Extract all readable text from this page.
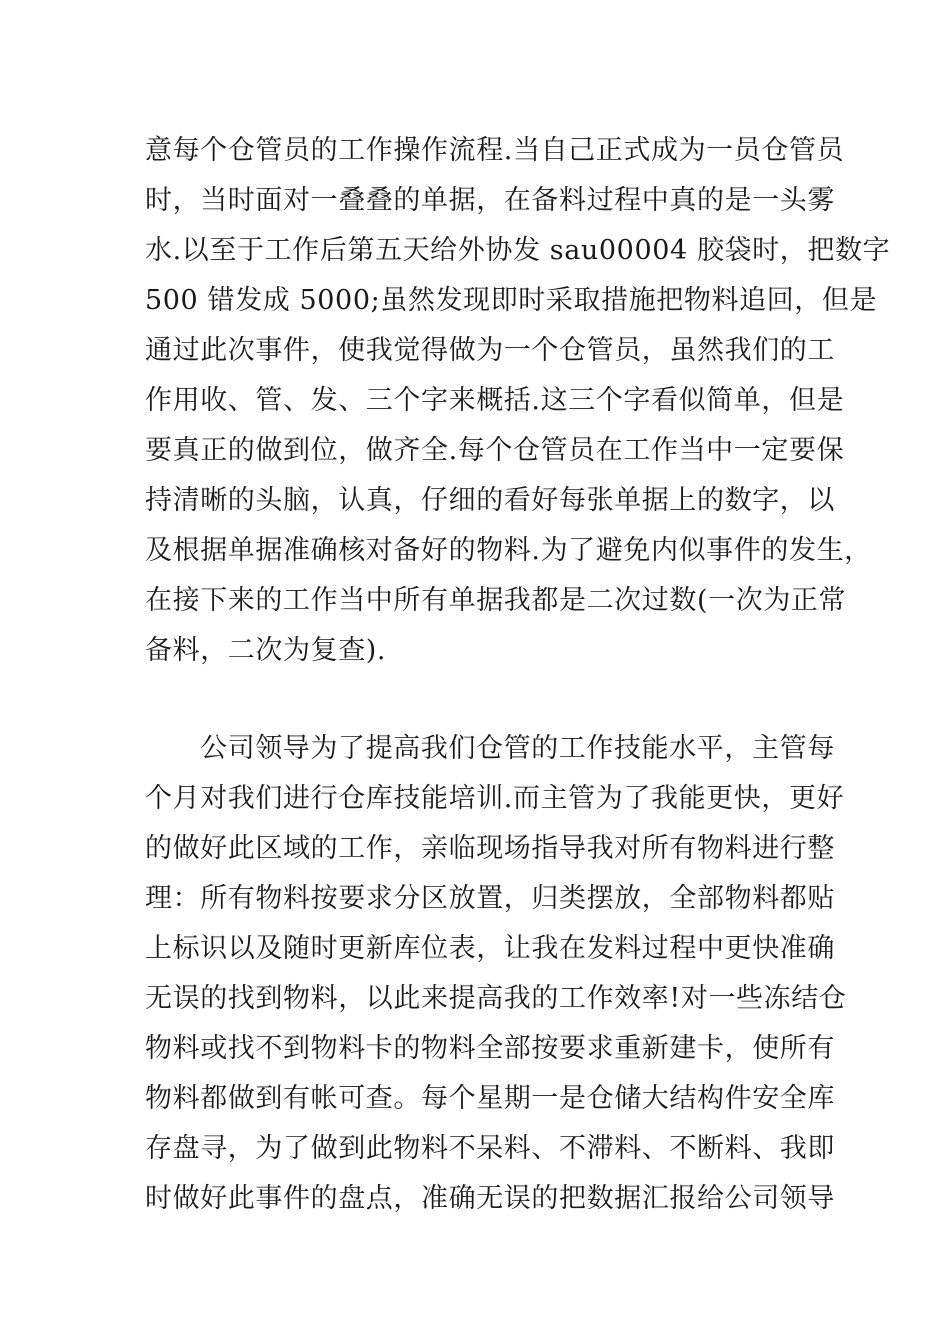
意每个仓管员的工作操作流程.当自己正式成为一员仓管员
时，当时面对一叠叠的单据，在备料过程中真的是一头雾
水.以至于工作后第五天给外协发 sau00004 胶袋时，把数字
500 错发成 5000;虽然发现即时采取措施把物料追回，但是
通过此次事件，使我觉得做为一个仓管员，虽然我们的工
作用收、管、发、三个字来概括.这三个字看似简单，但是
要真正的做到位，做齐全.每个仓管员在工作当中一定要保
持清晰的头脑，认真，仔细的看好每张单据上的数字，以
及根据单据准确核对备好的物料.为了避免内似事件的发生，
在接下来的工作当中所有单据我都是二次过数(一次为正常
备料，二次为复查).
公司领导为了提高我们仓管的工作技能水平，主管每
个月对我们进行仓库技能培训.而主管为了我能更快，更好
的做好此区域的工作，亲临现场指导我对所有物料进行整
理：所有物料按要求分区放置，归类摆放，全部物料都贴
上标识以及随时更新库位表，让我在发料过程中更快准确
无误的找到物料，以此来提高我的工作效率!对一些冻结仓
物料或找不到物料卡的物料全部按要求重新建卡，使所有
物料都做到有帐可查。每个星期一是仓储大结构件安全库
存盘寻，为了做到此物料不呆料、不滞料、不断料、我即
时做好此事件的盘点，准确无误的把数据汇报给公司领导
